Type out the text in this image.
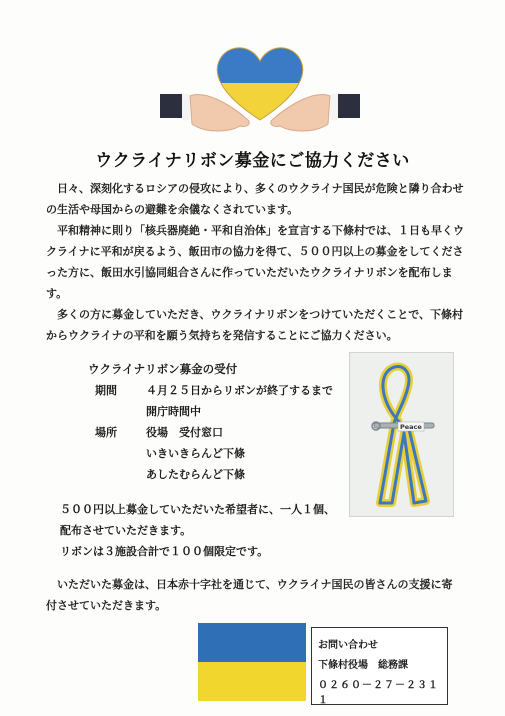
ウクライナリボン募金にご協力ください

日々、深刻化するロシアの侵攻により、多くのウクライナ国民が危険と隣り合わせの生活や母国からの避難を余儀なくされています。

平和精神に則り「核兵器廃絶・平和自治体」を宣言する下條村では、１日も早くウクライナに平和が戻るよう、飯田市の協力を得て、５００円以上の募金をしてくださった方に、飯田水引協同組合さんに作っていただいたウクライナリボンを配布します。

多くの方に募金していただき、ウクライナリボンをつけていただくことで、下條村からウクライナの平和を願う気持ちを発信することにご協力ください。

ウクライナリボン募金の受付
期間	４月２５日からリボンが終了するまで
開庁時間中
場所	役場　受付窓口
いきいきらんど下條
あしたむらんど下條
５００円以上募金していただいた希望者に、一人１個、
配布させていただきます。
リボンは３施設合計で１００個限定です。

いただいた募金は、日本赤十字社を通じて、ウクライナ国民の皆さんの支援に寄付させていただきます。

Peace
お問い合わせ
下條村役場　総務課
０２６０－２７－２３１１
